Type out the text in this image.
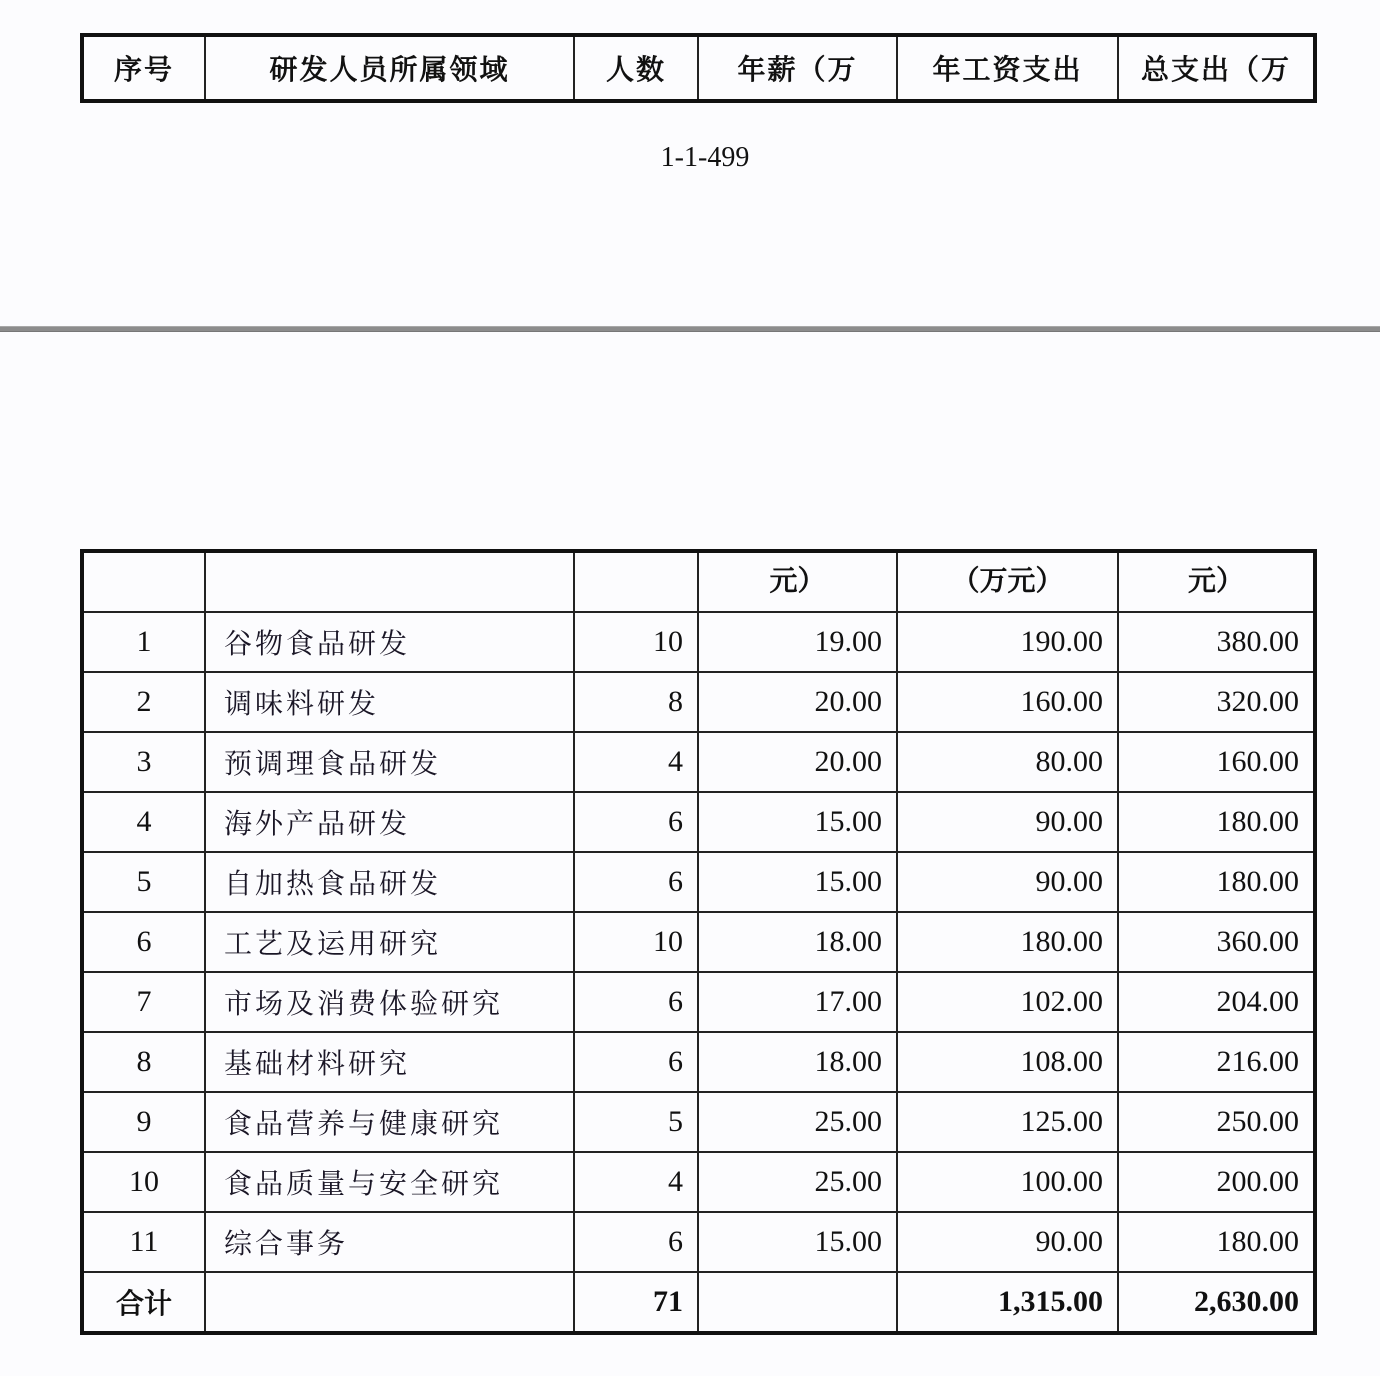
序号	研发人员所属领域	人数	年薪（万	年工资支出	总支出（万
1-1-499
			元）	（万元）	元）
1	谷物食品研发	10	19.00	190.00	380.00
2	调味料研发	8	20.00	160.00	320.00
3	预调理食品研发	4	20.00	80.00	160.00
4	海外产品研发	6	15.00	90.00	180.00
5	自加热食品研发	6	15.00	90.00	180.00
6	工艺及运用研究	10	18.00	180.00	360.00
7	市场及消费体验研究	6	17.00	102.00	204.00
8	基础材料研究	6	18.00	108.00	216.00
9	食品营养与健康研究	5	25.00	125.00	250.00
10	食品质量与安全研究	4	25.00	100.00	200.00
11	综合事务	6	15.00	90.00	180.00
合计		71		1,315.00	2,630.00
